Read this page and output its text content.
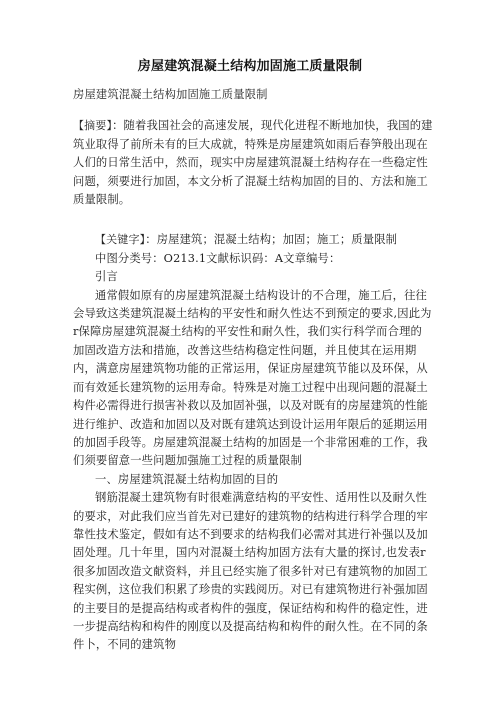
房屋建筑混凝土结构加固施工质量限制

房屋建筑混凝土结构加固施工质量限制

【摘要】：随着我国社会的高速发展，现代化进程不断地加快，我国的建筑业取得了前所未有的巨大成就，特殊是房屋建筑如雨后春笋般出现在人们的日常生活中，然而，现实中房屋建筑混凝土结构存在一些稳定性问题，须要进行加固，本文分析了混凝土结构加固的目的、方法和施工质量限制。

【关键字】：房屋建筑；混凝土结构；加固；施工；质量限制

中图分类号：O213.1文献标识码：A文章编号：

引言

通常假如原有的房屋建筑混凝土结构设计的不合理，施工后，往往会导致这类建筑混凝土结构的平安性和耐久性达不到预定的要求,因此为r保障房屋建筑混凝土结构的平安性和耐久性，我们实行科学而合理的加固改造方法和措施，改善这些结构稳定性问题，并且使其在运用期内，满意房屋建筑物功能的正常运用，保证房屋建筑节能以及环保，从而有效延长建筑物的运用寿命。特殊是对施工过程中出现问题的混凝土构件必需得进行损害补救以及加固补强，以及对既有的房屋建筑的性能进行维护、改造和加固以及对既有建筑达到设计运用年限后的延期运用的加固手段等。房屋建筑混凝土结构的加固是一个非常困难的工作，我们须要留意一些问题加强施工过程的质量限制

一、房屋建筑混凝土结构加固的目的

钢筋混凝土建筑物有时很难满意结构的平安性、适用性以及耐久性的要求，对此我们应当首先对已建好的建筑物的结构进行科学合理的牢靠性技术鉴定，假如有达不到要求的结构我们必需对其进行补强以及加固处理。几十年里，国内对混凝土结构加固方法有大量的探讨,也发表r很多加固改造文献资料，并且已经实施了很多针对已有建筑物的加固工程实例，这位我们积累了珍贵的实践阅历。对已有建筑物进行补强加固的主要目的是提高结构或者构件的强度，保证结构和构件的稳定性，进一步提高结构和构件的刚度以及提高结构和构件的耐久性。在不同的条件卜，不同的建筑物
